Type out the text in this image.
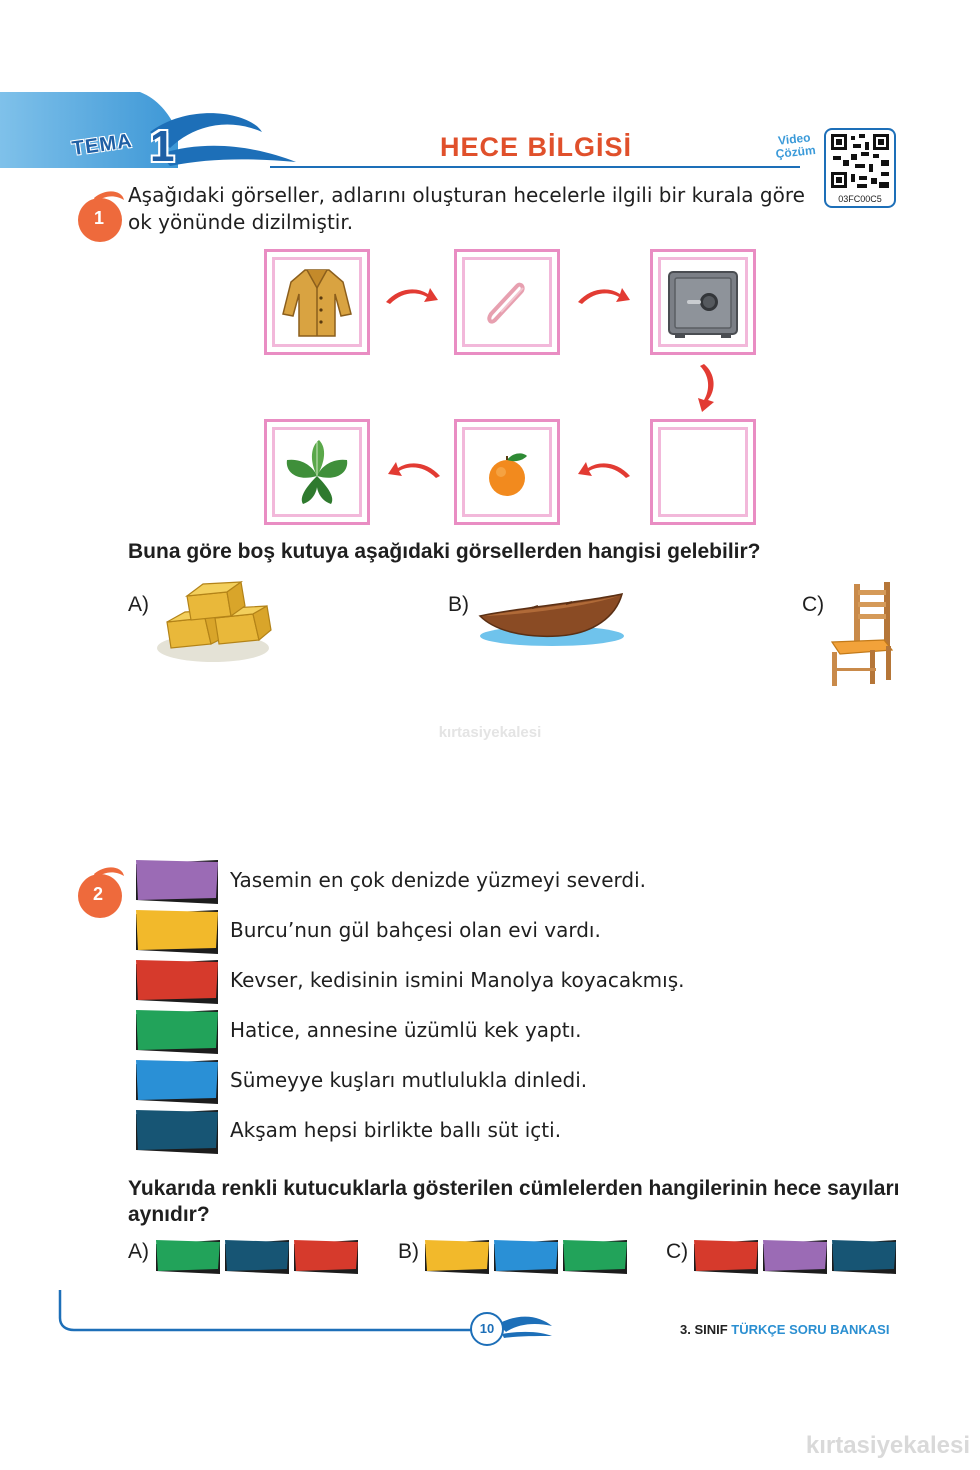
TEMA 1	HECE BİLGİSİ	Video
Çözüm
03FC00C5
1
Aşağıdaki görseller, adlarını oluşturan hecelerle ilgili bir kurala göre ok yönünde dizilmiştir.
Buna göre boş kutuya aşağıdaki görsellerden hangisi gelebilir?
A)	B)	C)
kırtasiyekalesi
2
Yasemin en çok denizde yüzmeyi severdi.
Burcu’nun gül bahçesi olan evi vardı.
Kevser, kedisinin ismini Manolya koyacakmış.
Hatice, annesine üzümlü kek yaptı.
Sümeyye kuşları mutlulukla dinledi.
Akşam hepsi birlikte ballı süt içti.
Yukarıda renkli kutucuklarla gösterilen cümlelerden hangilerinin hece sayıları aynıdır?
A)	B)	C)
10	3. SINIF TÜRKÇE SORU BANKASI
kırtasiyekalesi
